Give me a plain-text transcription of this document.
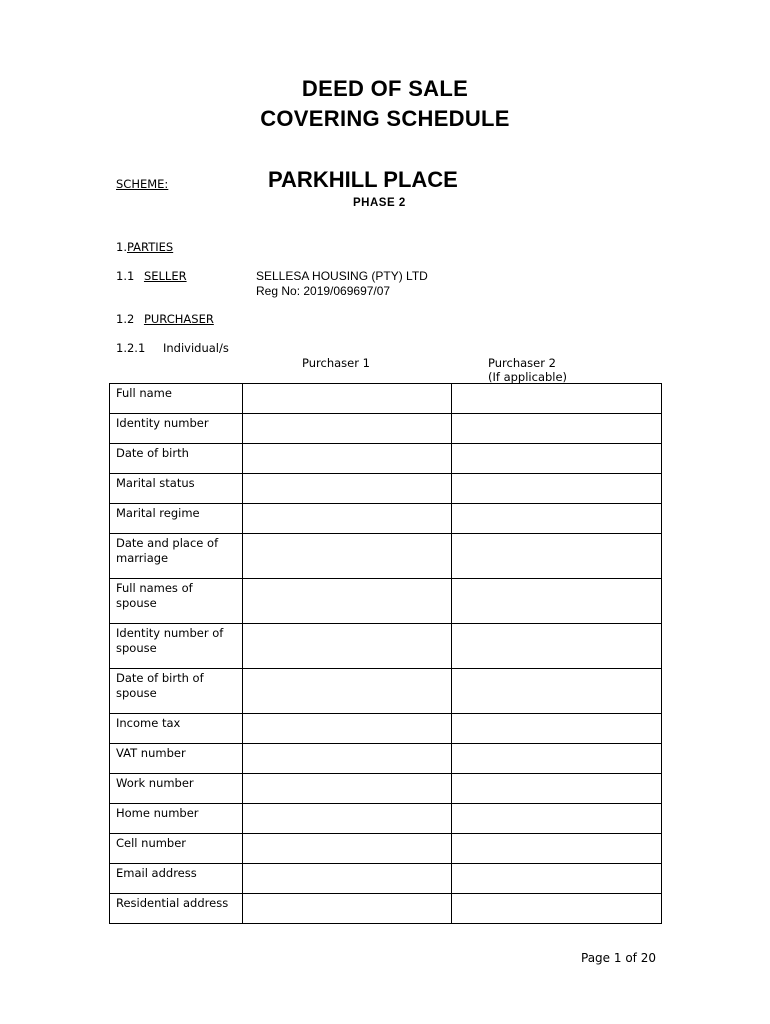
DEED OF SALE
COVERING SCHEDULE
SCHEME:	PARKHILL PLACE
PHASE 2
1.PARTIES
1.1 SELLER	SELLESA HOUSING (PTY) LTD
Reg No: 2019/069697/07
1.2 PURCHASER
1.2.1 Individual/s
Purchaser 1	Purchaser 2
(If applicable)
Full name		
Identity number		
Date of birth		
Marital status		
Marital regime		
Date and place of marriage		
Full names of spouse		
Identity number of spouse		
Date of birth of spouse		
Income tax		
VAT number		
Work number		
Home number		
Cell number		
Email address		
Residential address		
Page 1 of 20
